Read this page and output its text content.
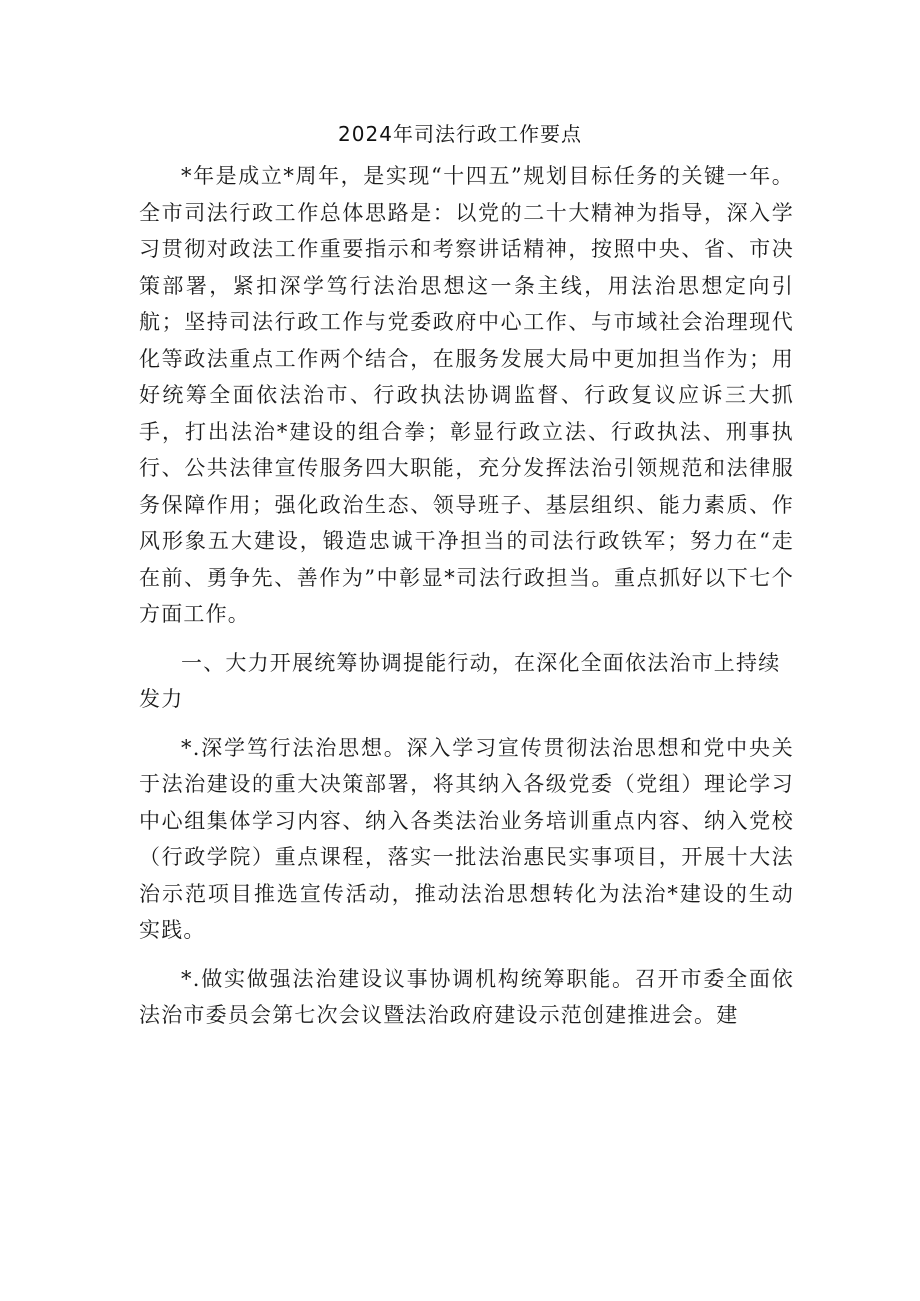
2024年司法行政工作要点

*年是成立*周年，是实现“十四五”规划目标任务的关键一年。全市司法行政工作总体思路是：以党的二十大精神为指导，深入学习贯彻对政法工作重要指示和考察讲话精神，按照中央、省、市决策部署，紧扣深学笃行法治思想这一条主线，用法治思想定向引航；坚持司法行政工作与党委政府中心工作、与市域社会治理现代化等政法重点工作两个结合，在服务发展大局中更加担当作为；用好统筹全面依法治市、行政执法协调监督、行政复议应诉三大抓手，打出法治*建设的组合拳；彰显行政立法、行政执法、刑事执行、公共法律宣传服务四大职能，充分发挥法治引领规范和法律服务保障作用；强化政治生态、领导班子、基层组织、能力素质、作风形象五大建设，锻造忠诚干净担当的司法行政铁军；努力在“走在前、勇争先、善作为”中彰显*司法行政担当。重点抓好以下七个方面工作。

一、大力开展统筹协调提能行动，在深化全面依法治市上持续发力

*.深学笃行法治思想。深入学习宣传贯彻法治思想和党中央关于法治建设的重大决策部署，将其纳入各级党委（党组）理论学习中心组集体学习内容、纳入各类法治业务培训重点内容、纳入党校（行政学院）重点课程，落实一批法治惠民实事项目，开展十大法治示范项目推选宣传活动，推动法治思想转化为法治*建设的生动实践。

*.做实做强法治建设议事协调机构统筹职能。召开市委全面依法治市委员会第七次会议暨法治政府建设示范创建推进会。建
